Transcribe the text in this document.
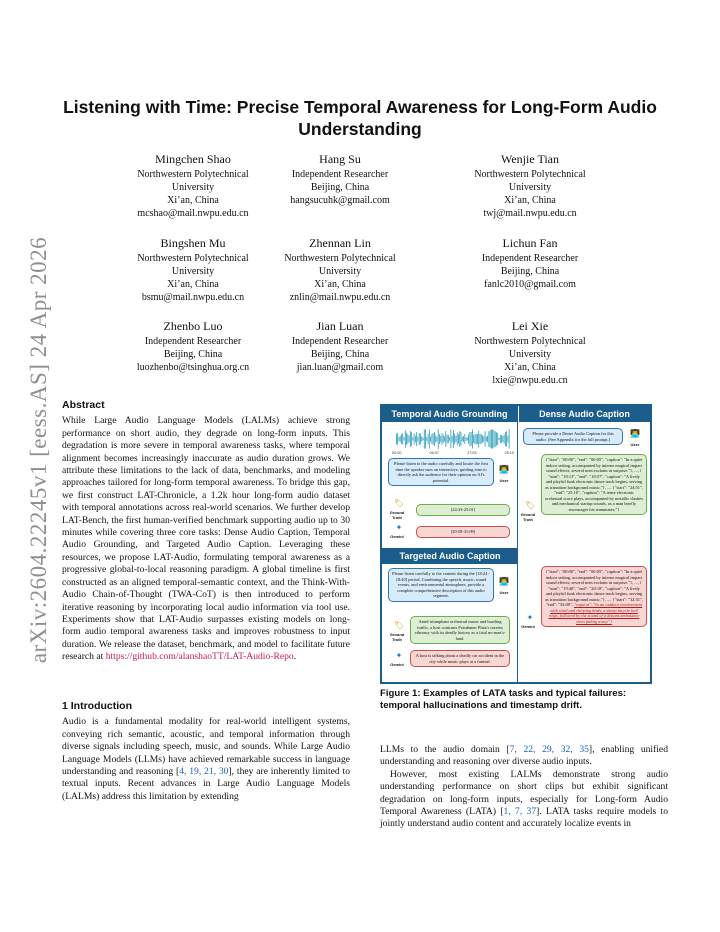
arXiv:2604.22245v1 [eess.AS] 24 Apr 2026
Listening with Time: Precise Temporal Awareness for Long-Form Audio Understanding
Mingchen Shao
Northwestern Polytechnical
University
Xi’an, China
mcshao@mail.nwpu.edu.cn
Hang Su
Independent Researcher
Beijing, China
hangsucuhk@gmail.com
Wenjie Tian
Northwestern Polytechnical
University
Xi’an, China
twj@mail.nwpu.edu.cn
Bingshen Mu
Northwestern Polytechnical
University
Xi’an, China
bsmu@mail.nwpu.edu.cn
Zhennan Lin
Northwestern Polytechnical
University
Xi’an, China
znlin@mail.nwpu.edu.cn
Lichun Fan
Independent Researcher
Beijing, China
fanlc2010@gmail.com
Zhenbo Luo
Independent Researcher
Beijing, China
luozhenbo@tsinghua.org.cn
Jian Luan
Independent Researcher
Beijing, China
jian.luan@gmail.com
Lei Xie
Northwestern Polytechnical
University
Xi’an, China
lxie@nwpu.edu.cn
Abstract
While Large Audio Language Models (LALMs) achieve strong performance on short audio, they degrade on long-form inputs. This degradation is more severe in temporal awareness tasks, where temporal alignment becomes increasingly inaccurate as audio duration grows. We attribute these limitations to the lack of data, benchmarks, and modeling approaches tailored for long-form temporal awareness. To bridge this gap, we first construct LAT-Chronicle, a 1.2k hour long-form audio dataset with temporal annotations across real-world scenarios. We further develop LAT-Bench, the first human-verified benchmark supporting audio up to 30 minutes while covering three core tasks: Dense Audio Caption, Temporal Audio Grounding, and Targeted Audio Caption. Leveraging these resources, we propose LAT-Audio, formulating temporal awareness as a progressive global-to-local reasoning paradigm. A global timeline is first constructed as an aligned temporal-semantic context, and the Think-With-Audio Chain-of-Thought (TWA-CoT) is then introduced to perform iterative reasoning by incorporating local audio information via tool use. Experiments show that LAT-Audio surpasses existing models on long-form audio temporal awareness tasks and improves robustness to input duration. We release the dataset, benchmark, and model to facilitate future research at https://github.com/alanshaoTT/LAT-Audio-Repo.
1 Introduction

Audio is a fundamental modality for real-world intelligent systems, conveying rich semantic, acoustic, and temporal information through diverse signals including speech, music, and sounds. While Large Audio Language Models (LLMs) have achieved remarkable success in language understanding and reasoning [4, 19, 21, 30], they are inherently limited to textual inputs. Recent advances in Large Audio Language Models (LALMs) address this limitation by extending

LLMs to the audio domain [7, 22, 29, 32, 35], enabling unified understanding and reasoning over diverse audio inputs.

However, most existing LALMs demonstrate strong audio understanding performance on short clips but exhibit significant degradation on long-form inputs, especially for Long-form Audio Temporal Awareness (LATA) [1, 7, 37]. LATA tasks require models to jointly understand audio content and accurately localize events in

Temporal Audio Grounding
00:00	06:37	17:03	25:10
Please listen to the audio carefully and locate the first time the speaker uses an interactive, guiding tone to directly ask the audience for their opinion on AI's potential.
👨‍💻
User
🏷
Ground Truth
[24:33-25:01]
✦
Gemini
[29:58-31:09]
Targeted Audio Caption
Please listen carefully to the content during the [18:24 - 18:40] period. Combining the speech, music, sound events, and environmental atmosphere, provide a complete comprehensive description of this audio segment.
👨‍💻
User
🏷
Ground Truth
Amid triumphant orchestral music and bustling traffic, a host contrasts Potsdamer Platz's current vibrancy with its deadly history as a fatal no-man's-land.
✦
Gemini
A host is talking about a deadly car accident in the city while music plays at a funeral.
Dense Audio Caption
Please provide a Dense Audio Caption for this audio. (See Appendix for the full prompt.)
👨‍💻
User
🏷
Ground Truth
{"start": "00:00", "end": "00:05", "caption": "In a quiet indoor setting, accompanied by intense magical impact sound effects, several men exclaim in surprise."}, ..., { "start": "18:13", "end": "18:57", "caption": "A lively and playful funk electronic dance track begins, serving as transition background music."}, ..., {"start": "24:51", "end": "25:18", "caption": "A tense electronic orchestral score plays, accompanied by metallic clashes and mechanical startup sounds, as a man briefly encourages his teammates."}
✦
Gemini
{"start": "00:00", "end": "00:05", "caption": "In a quiet indoor setting, accompanied by intense magical impact sound effects, several men exclaim in surprise."}, ..., { "start": "19:40", "end": "20:18", "caption": "A lively and playful funk electronic dance track begins, serving as transition background music."}, ..., {"start": "32:31", "end": "33:08", "caption": "In an outdoor environment with wind and chirping birds, a sharp bicycle bell rings, followed by the sound of a distant ambulance siren fading away."}
Figure 1: Examples of LATA tasks and typical failures: temporal hallucinations and timestamp drift.
